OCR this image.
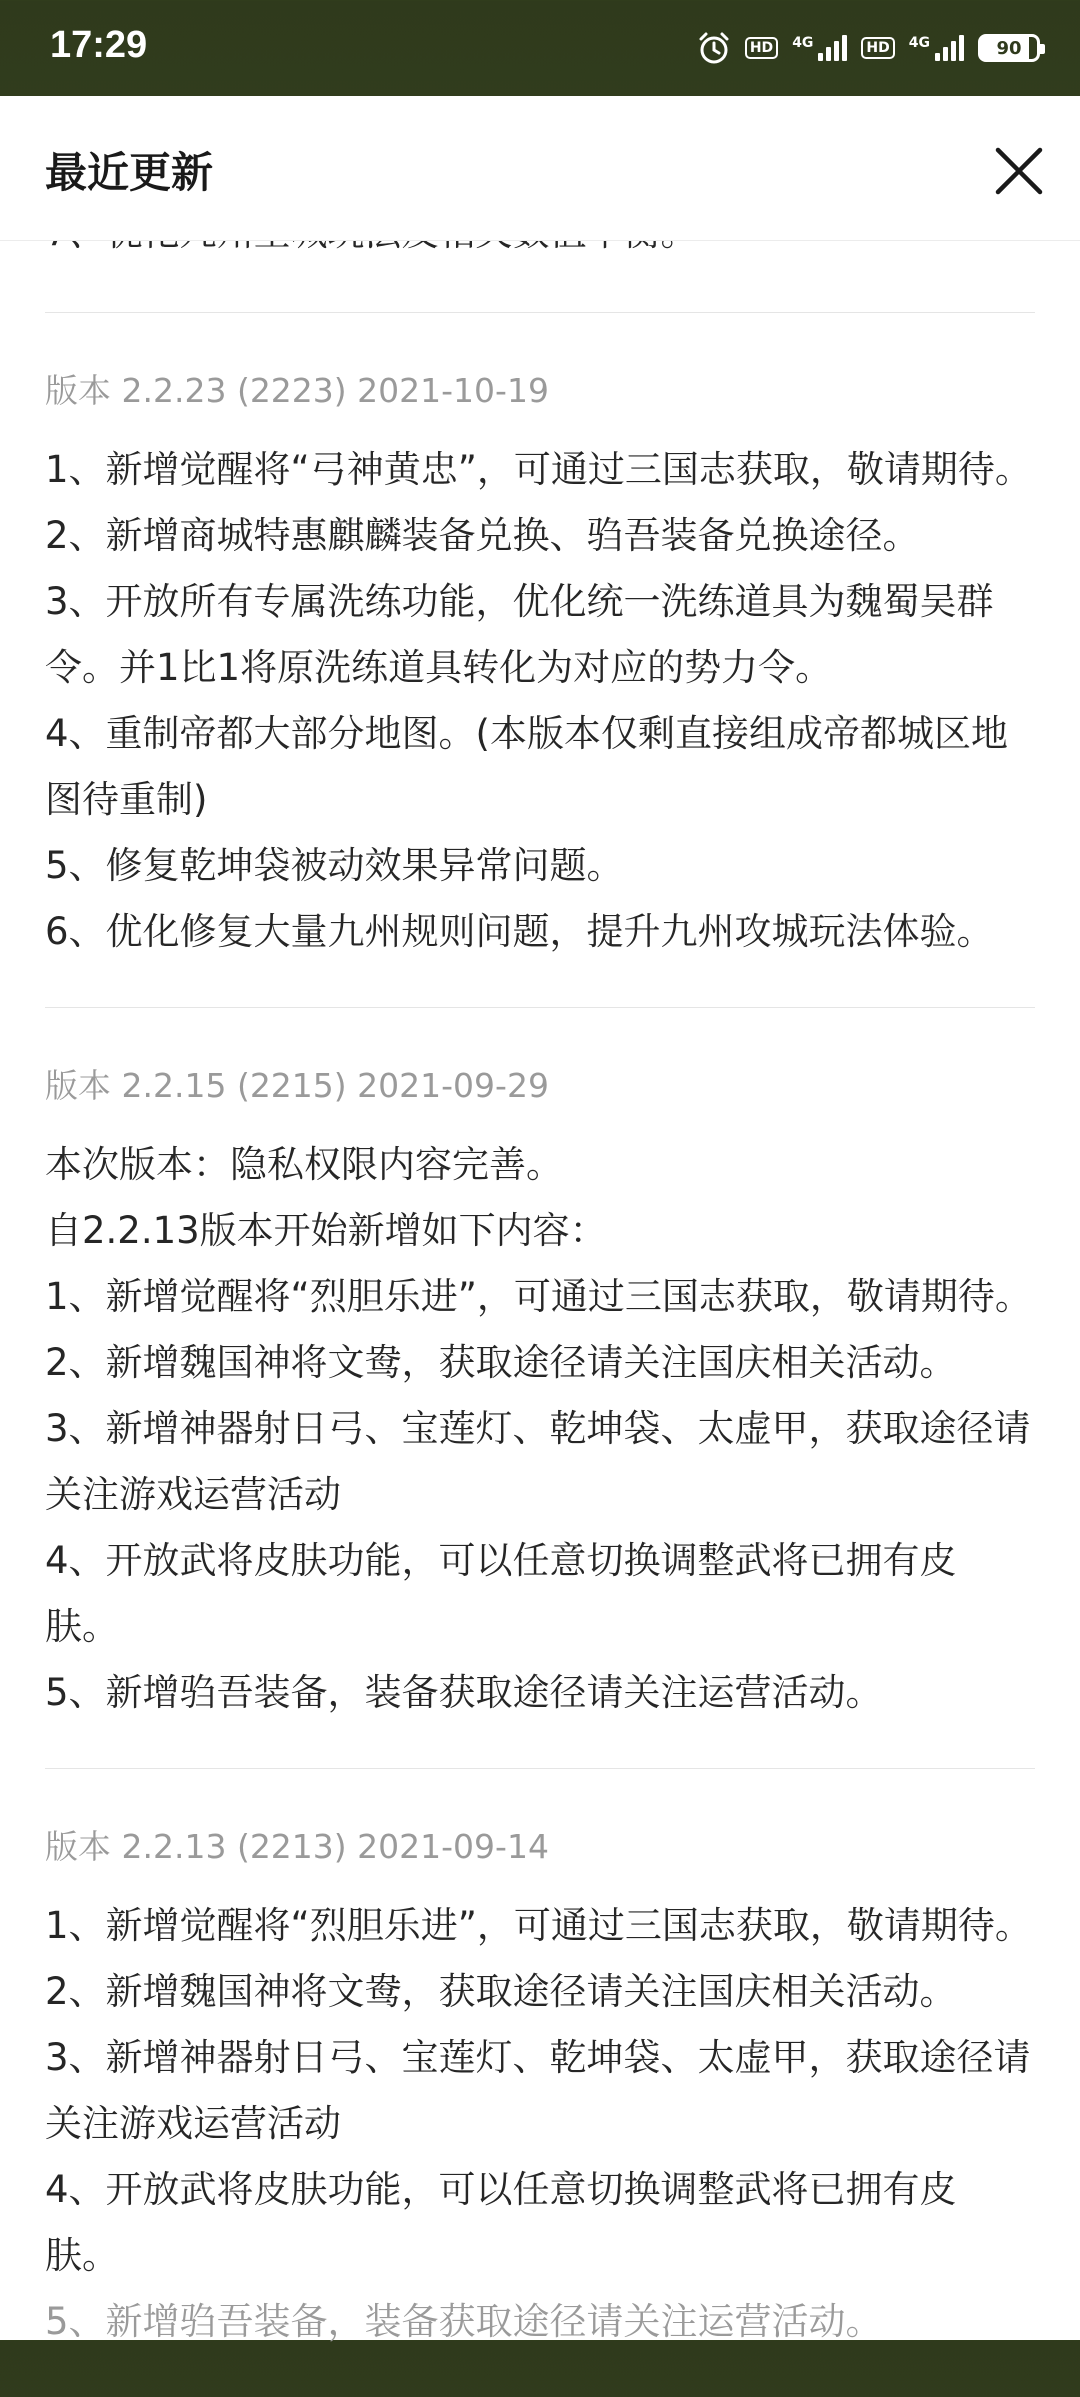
17:29	HD	4G	HD	4G	90
最近更新

版本 2.2.23 (2223) 2021-10-19

1、新增觉醒将“弓神黄忠”，可通过三国志获取，敬请期待。

2、新增商城特惠麒麟装备兑换、驺吾装备兑换途径。

3、开放所有专属洗练功能，优化统一洗练道具为魏蜀吴群

令。并1比1将原洗练道具转化为对应的势力令。

4、重制帝都大部分地图。(本版本仅剩直接组成帝都城区地

图待重制)

5、修复乾坤袋被动效果异常问题。

6、优化修复大量九州规则问题，提升九州攻城玩法体验。

版本 2.2.15 (2215) 2021-09-29

本次版本：隐私权限内容完善。

自2.2.13版本开始新增如下内容：

1、新增觉醒将“烈胆乐进”，可通过三国志获取，敬请期待。

2、新增魏国神将文鸯，获取途径请关注国庆相关活动。

3、新增神器射日弓、宝莲灯、乾坤袋、太虚甲，获取途径请

关注游戏运营活动

4、开放武将皮肤功能，可以任意切换调整武将已拥有皮

肤。

5、新增驺吾装备，装备获取途径请关注运营活动。

版本 2.2.13 (2213) 2021-09-14

1、新增觉醒将“烈胆乐进”，可通过三国志获取，敬请期待。

2、新增魏国神将文鸯，获取途径请关注国庆相关活动。

3、新增神器射日弓、宝莲灯、乾坤袋、太虚甲，获取途径请

关注游戏运营活动

4、开放武将皮肤功能，可以任意切换调整武将已拥有皮

肤。

5、新增驺吾装备，装备获取途径请关注运营活动。
